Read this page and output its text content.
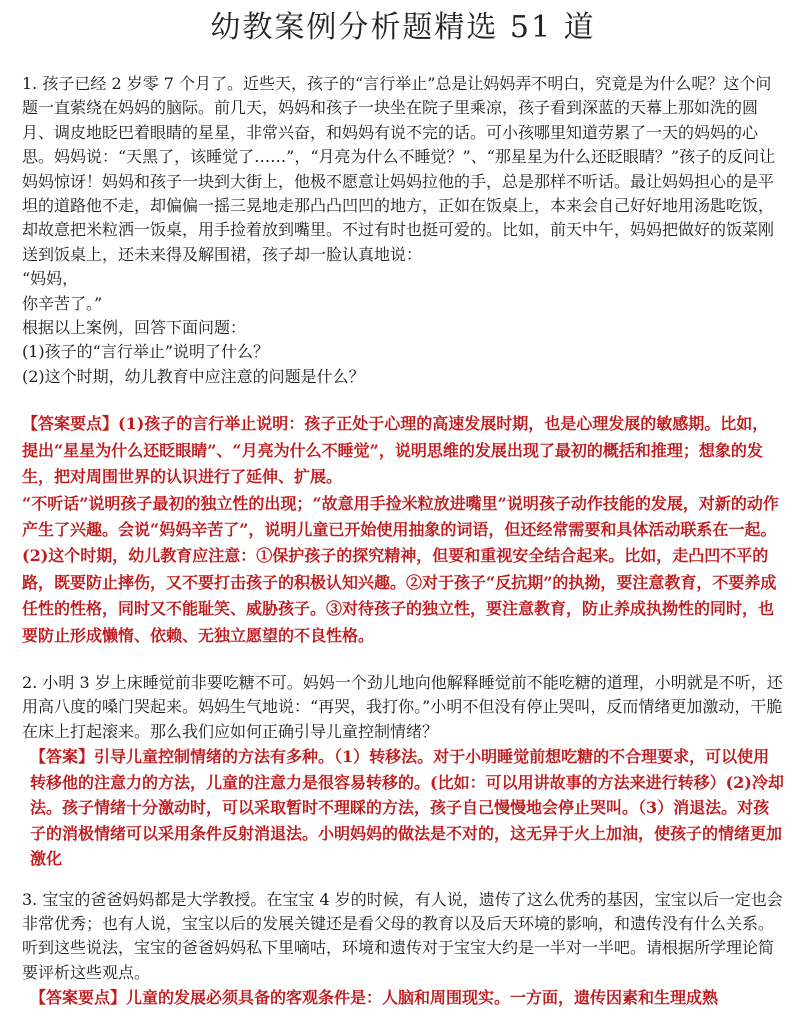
幼教案例分析题精选 51 道

1. 孩子已经 2 岁零 7 个月了。近些天，孩子的“言行举止”总是让妈妈弄不明白，究竟是为什么呢？这个问题一直萦绕在妈妈的脑际。前几天，妈妈和孩子一块坐在院子里乘凉，孩子看到深蓝的天幕上那如洗的圆月、调皮地眨巴着眼睛的星星，非常兴奋，和妈妈有说不完的话。可小孩哪里知道劳累了一天的妈妈的心思。妈妈说：“天黑了，该睡觉了……”，“月亮为什么不睡觉？”、“那星星为什么还眨眼睛？”孩子的反问让妈妈惊讶！妈妈和孩子一块到大街上，他极不愿意让妈妈拉他的手，总是那样不听话。最让妈妈担心的是平坦的道路他不走，却偏偏一摇三晃地走那凸凸凹凹的地方，正如在饭桌上，本来会自己好好地用汤匙吃饭，却故意把米粒洒一饭桌，用手捡着放到嘴里。不过有时也挺可爱的。比如，前天中午，妈妈把做好的饭菜刚送到饭桌上，还未来得及解围裙，孩子却一脸认真地说：

“妈妈，

你辛苦了。”

根据以上案例，回答下面问题：

(1)孩子的“言行举止”说明了什么？

(2)这个时期，幼儿教育中应注意的问题是什么？

【答案要点】(1)孩子的言行举止说明：孩子正处于心理的高速发展时期，也是心理发展的敏感期。比如，提出“星星为什么还眨眼睛”、“月亮为什么不睡觉”，说明思维的发展出现了最初的概括和推理；想象的发生，把对周围世界的认识进行了延伸、扩展。

“不听话”说明孩子最初的独立性的出现；“故意用手捡米粒放进嘴里”说明孩子动作技能的发展，对新的动作产生了兴趣。会说“妈妈辛苦了”，说明儿童已开始使用抽象的词语，但还经常需要和具体活动联系在一起。

(2)这个时期，幼儿教育应注意：①保护孩子的探究精神，但要和重视安全结合起来。比如，走凸凹不平的路，既要防止摔伤，又不要打击孩子的积极认知兴趣。②对于孩子“反抗期”的执拗，要注意教育，不要养成任性的性格，同时又不能耻笑、威胁孩子。③对待孩子的独立性，要注意教育，防止养成执拗性的同时，也要防止形成懒惰、依赖、无独立愿望的不良性格。

2. 小明 3 岁上床睡觉前非要吃糖不可。妈妈一个劲儿地向他解释睡觉前不能吃糖的道理，小明就是不听，还用高八度的嗓门哭起来。妈妈生气地说：“再哭，我打你。”小明不但没有停止哭叫，反而情绪更加激动，干脆在床上打起滚来。那么我们应如何正确引导儿童控制情绪？

【答案】引导儿童控制情绪的方法有多种。（1）转移法。对于小明睡觉前想吃糖的不合理要求，可以使用转移他的注意力的方法，儿童的注意力是很容易转移的。(比如：可以用讲故事的方法来进行转移）(2)冷却法。孩子情绪十分激动时，可以采取暂时不理睬的方法，孩子自己慢慢地会停止哭叫。（3）消退法。对孩子的消极情绪可以采用条件反射消退法。小明妈妈的做法是不对的，这无异于火上加油，使孩子的情绪更加激化

3. 宝宝的爸爸妈妈都是大学教授。在宝宝 4 岁的时候，有人说，遗传了这么优秀的基因，宝宝以后一定也会非常优秀；也有人说，宝宝以后的发展关键还是看父母的教育以及后天环境的影响，和遗传没有什么关系。听到这些说法，宝宝的爸爸妈妈私下里嘀咕，环境和遗传对于宝宝大约是一半对一半吧。请根据所学理论简要评析这些观点。

【答案要点】儿童的发展必须具备的客观条件是：人脑和周围现实。一方面，遗传因素和生理成熟
